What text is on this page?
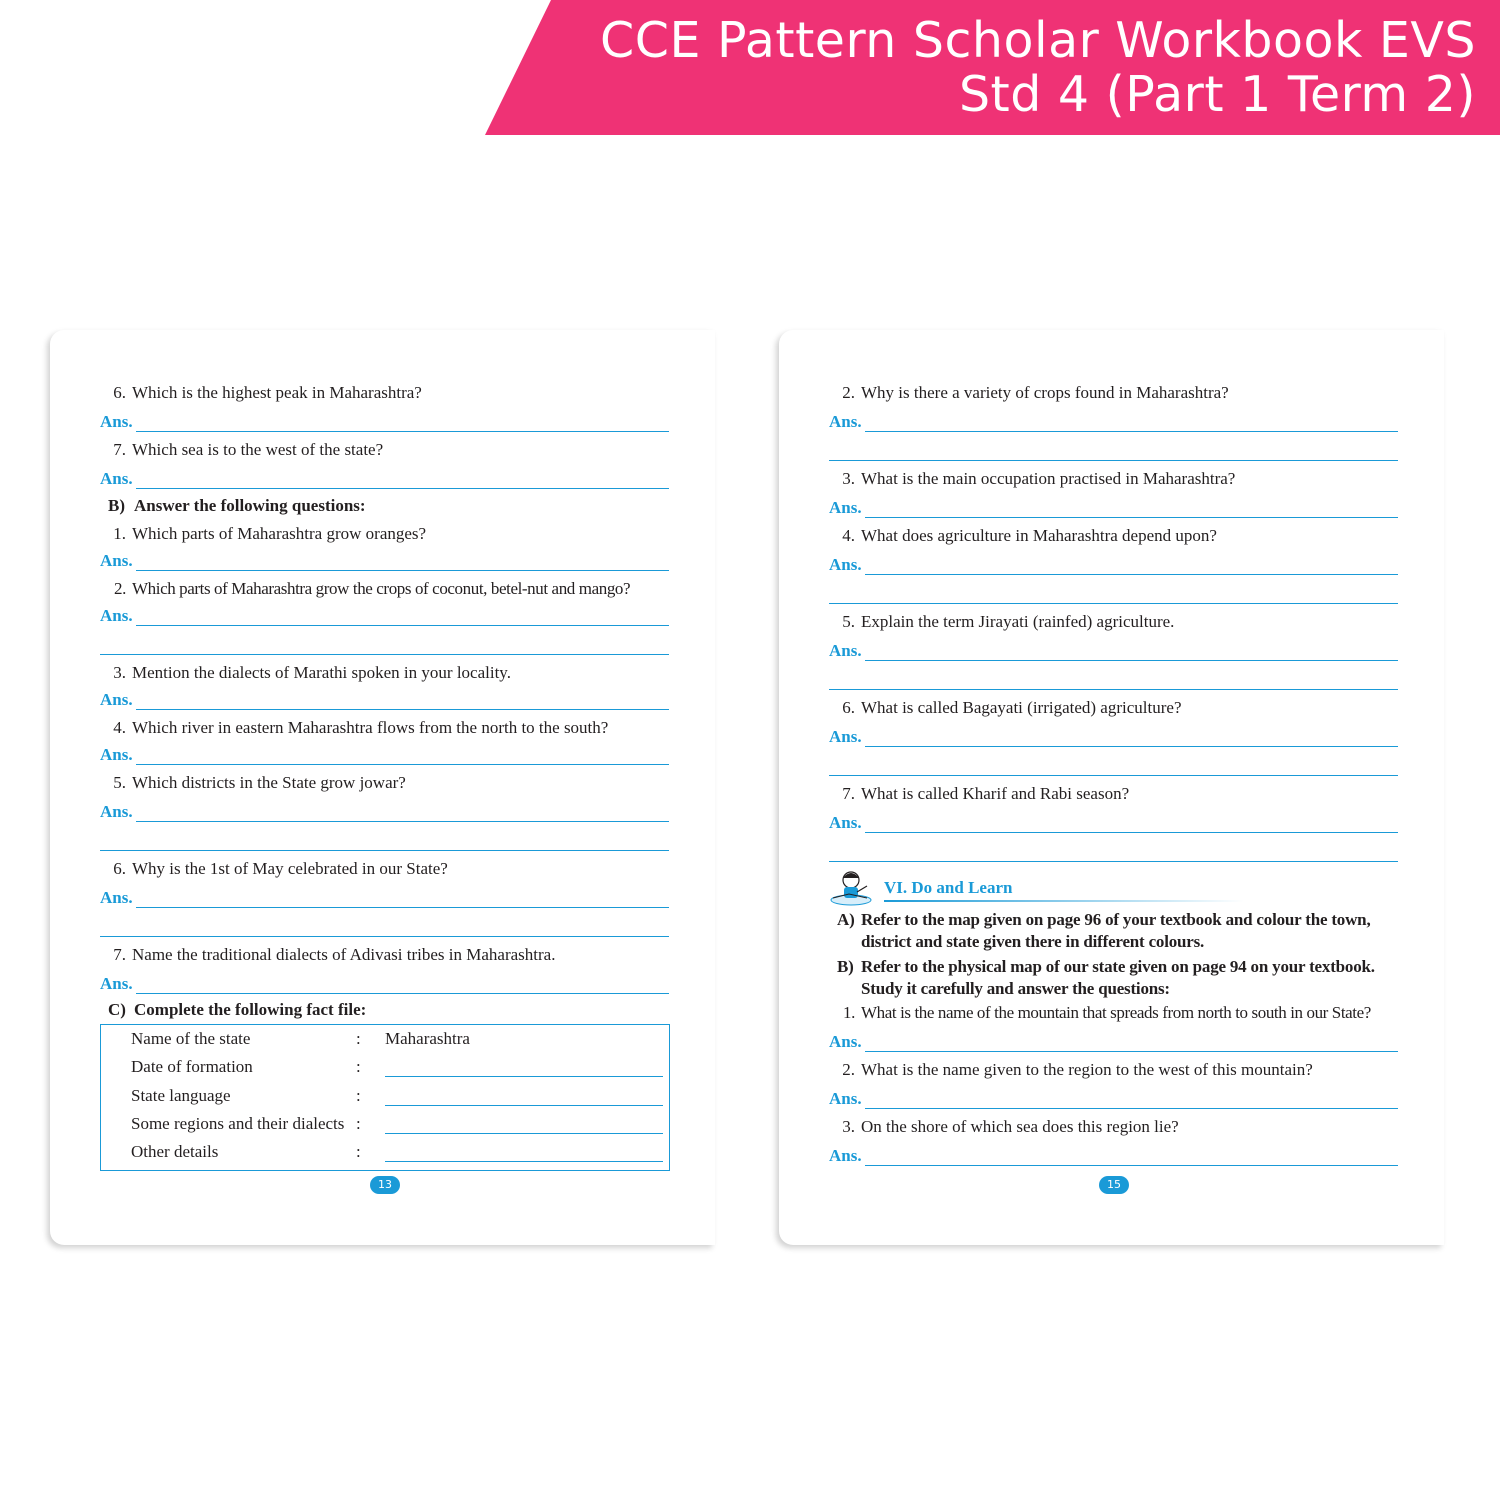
CCE Pattern Scholar Workbook EVS
Std 4 (Part 1 Term 2)
6. Which is the highest peak in Maharashtra?
Ans.
7. Which sea is to the west of the state?
Ans.
B) Answer the following questions:
1. Which parts of Maharashtra grow oranges?
Ans.
2. Which parts of Maharashtra grow the crops of coconut, betel-nut and mango?
Ans.
3. Mention the dialects of Marathi spoken in your locality.
Ans.
4. Which river in eastern Maharashtra flows from the north to the south?
Ans.
5. Which districts in the State grow jowar?
Ans.
6. Why is the 1st of May celebrated in our State?
Ans.
7. Name the traditional dialects of Adivasi tribes in Maharashtra.
Ans.
C) Complete the following fact file:
Name of the state	: Maharashtra
Date of formation	:
State language	:
Some regions and their dialects :
Other details	:
13
2. Why is there a variety of crops found in Maharashtra?
Ans.
3. What is the main occupation practised in Maharashtra?
Ans.
4. What does agriculture in Maharashtra depend upon?
Ans.
5. Explain the term Jirayati (rainfed) agriculture.
Ans.
6. What is called Bagayati (irrigated) agriculture?
Ans.
7. What is called Kharif and Rabi season?
Ans.
VI. Do and Learn
A) Refer to the map given on page 96 of your textbook and colour the town,
district and state given there in different colours.
B) Refer to the physical map of our state given on page 94 on your textbook.
Study it carefully and answer the questions:
1. What is the name of the mountain that spreads from north to south in our State?
Ans.
2. What is the name given to the region to the west of this mountain?
Ans.
3. On the shore of which sea does this region lie?
Ans.
15
